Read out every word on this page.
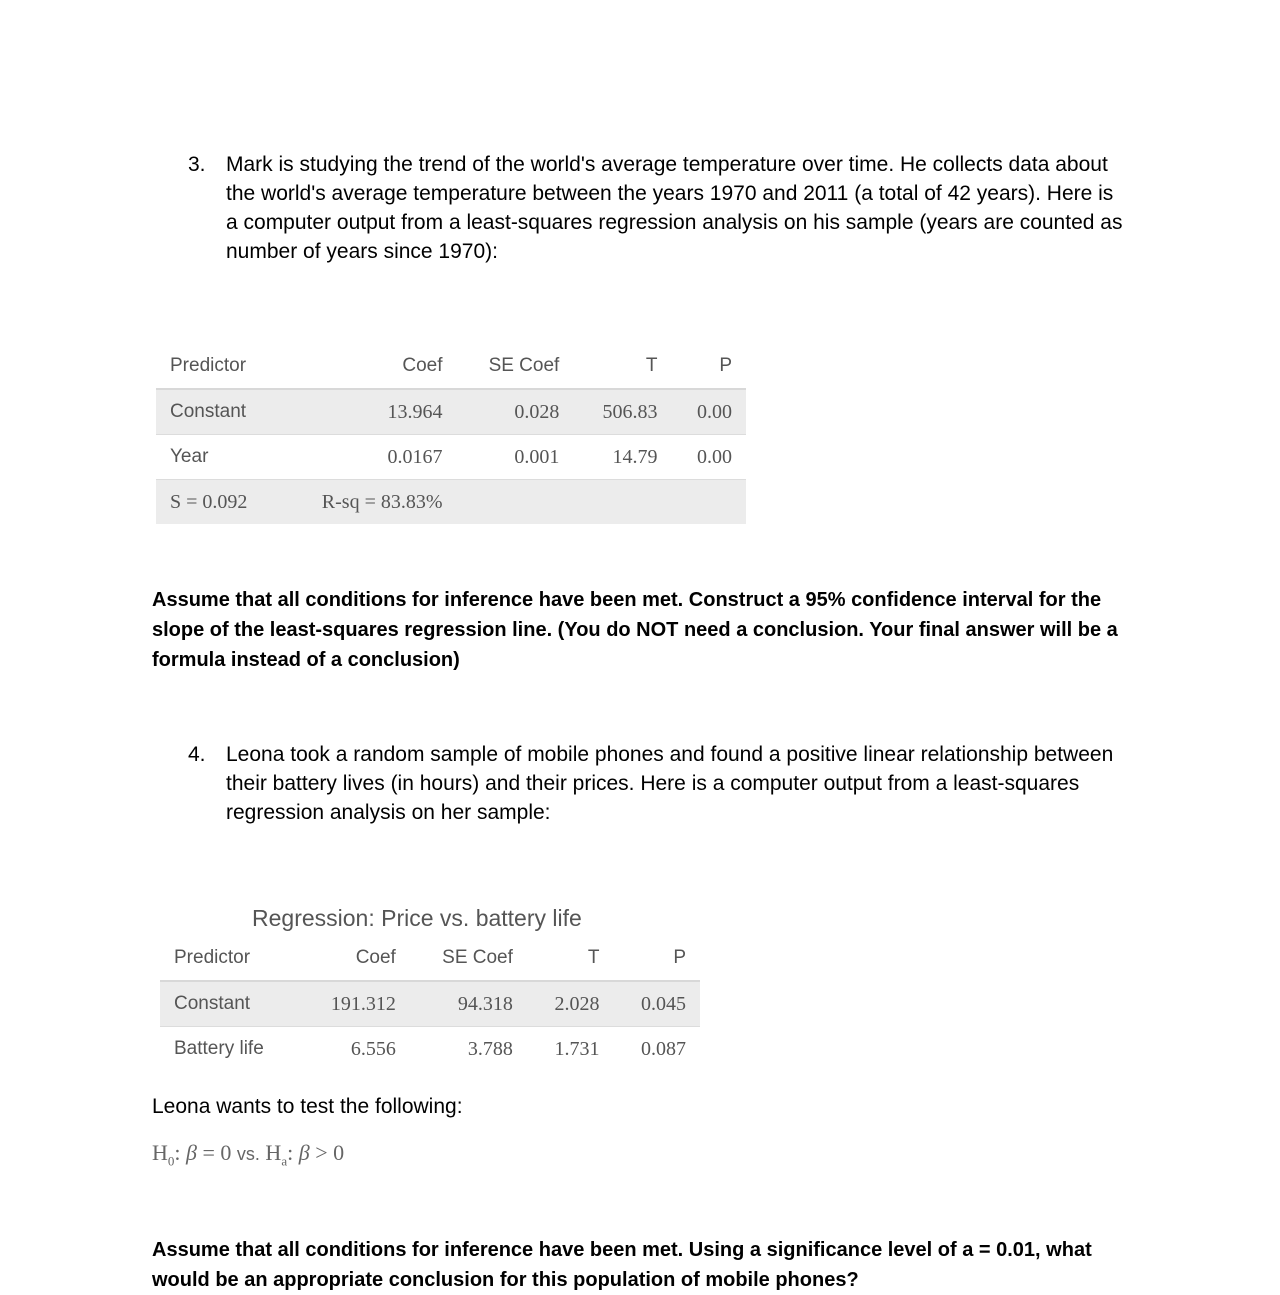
3. Mark is studying the trend of the world's average temperature over time. He collects data about the world's average temperature between the years 1970 and 2011 (a total of 42 years). Here is a computer output from a least-squares regression analysis on his sample (years are counted as number of years since 1970):
Predictor	Coef	SE Coef	T	P
Constant	13.964	0.028	506.83	0.00
Year	0.0167	0.001	14.79	0.00
S = 0.092	R-sq = 83.83%			
Assume that all conditions for inference have been met. Construct a 95% confidence interval for the slope of the least-squares regression line. (You do NOT need a conclusion. Your final answer will be a formula instead of a conclusion)
4. Leona took a random sample of mobile phones and found a positive linear relationship between their battery lives (in hours) and their prices. Here is a computer output from a least-squares regression analysis on her sample:
Regression: Price vs. battery life
Predictor	Coef	SE Coef	T	P
Constant	191.312	94.318	2.028	0.045
Battery life	6.556	3.788	1.731	0.087
Leona wants to test the following:
$H_0$: β = 0 vs. $H_a$: β > 0
Assume that all conditions for inference have been met. Using a significance level of a = 0.01, what would be an appropriate conclusion for this population of mobile phones?
